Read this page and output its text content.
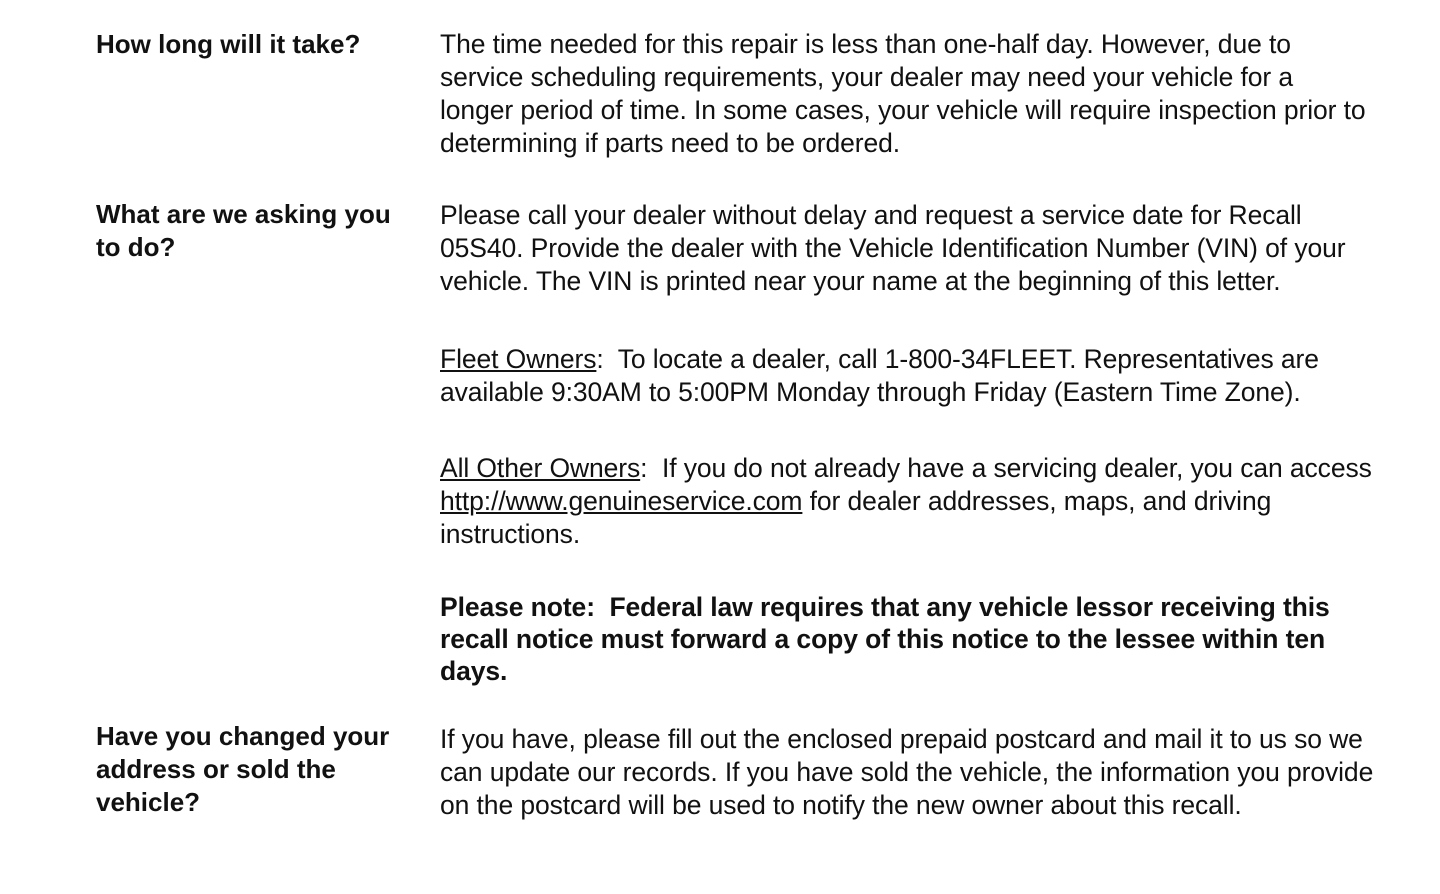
How long will it take?	The time needed for this repair is less than one-half day. However, due to service scheduling requirements, your dealer may need your vehicle for a longer period of time. In some cases, your vehicle will require inspection prior to determining if parts need to be ordered.

What are we asking you to do?

Please call your dealer without delay and request a service date for Recall 05S40. Provide the dealer with the Vehicle Identification Number (VIN) of your vehicle. The VIN is printed near your name at the beginning of this letter.

Fleet Owners:  To locate a dealer, call 1-800-34FLEET. Representatives are available 9:30AM to 5:00PM Monday through Friday (Eastern Time Zone).

All Other Owners:  If you do not already have a servicing dealer, you can access http://www.genuineservice.com for dealer addresses, maps, and driving instructions.

Please note:  Federal law requires that any vehicle lessor receiving this recall notice must forward a copy of this notice to the lessee within ten days.

Have you changed your address or sold the vehicle?

If you have, please fill out the enclosed prepaid postcard and mail it to us so we can update our records. If you have sold the vehicle, the information you provide on the postcard will be used to notify the new owner about this recall.
